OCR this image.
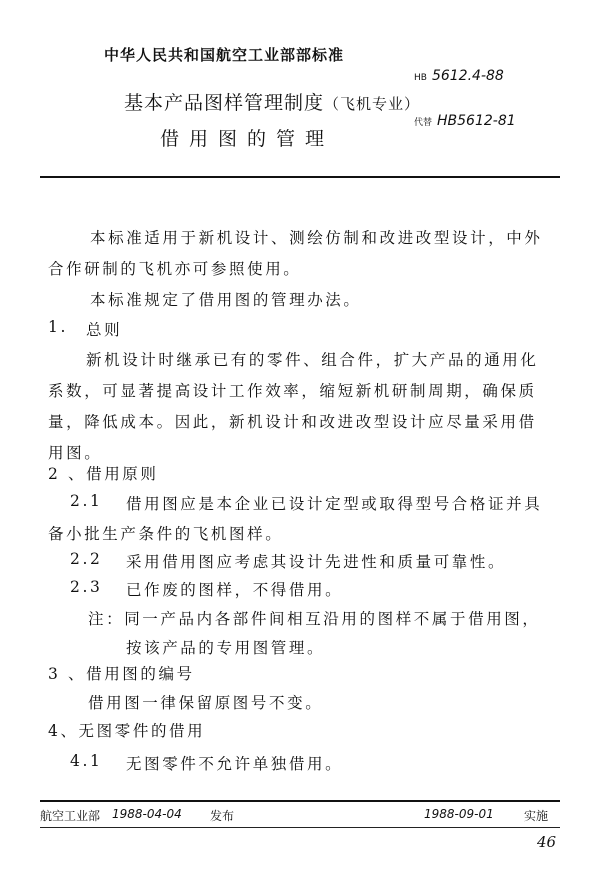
中华人民共和国航空工业部部标准
基本产品图样管理制度（飞机专业）
借用图的管理
HB 5612.4-88
代替 HB5612-81
本标准适用于新机设计、测绘仿制和改进改型设计，中外
合作研制的飞机亦可参照使用。
本标准规定了借用图的管理办法。
1. 总则
新机设计时继承已有的零件、组合件，扩大产品的通用化
系数，可显著提高设计工作效率，缩短新机研制周期，确保质
量，降低成本。因此，新机设计和改进改型设计应尽量采用借
用图。
2 、借用原则
2.1 借用图应是本企业已设计定型或取得型号合格证并具
备小批生产条件的飞机图样。
2.2 采用借用图应考虑其设计先进性和质量可靠性。
2.3 已作废的图样，不得借用。
注：同一产品内各部件间相互沿用的图样不属于借用图，
按该产品的专用图管理。
3 、借用图的编号
借用图一律保留原图号不变。
4、无图零件的借用
4.1 无图零件不允许单独借用。
航空工业部 1988-04-04 发布	1988-09-01	实施
46
